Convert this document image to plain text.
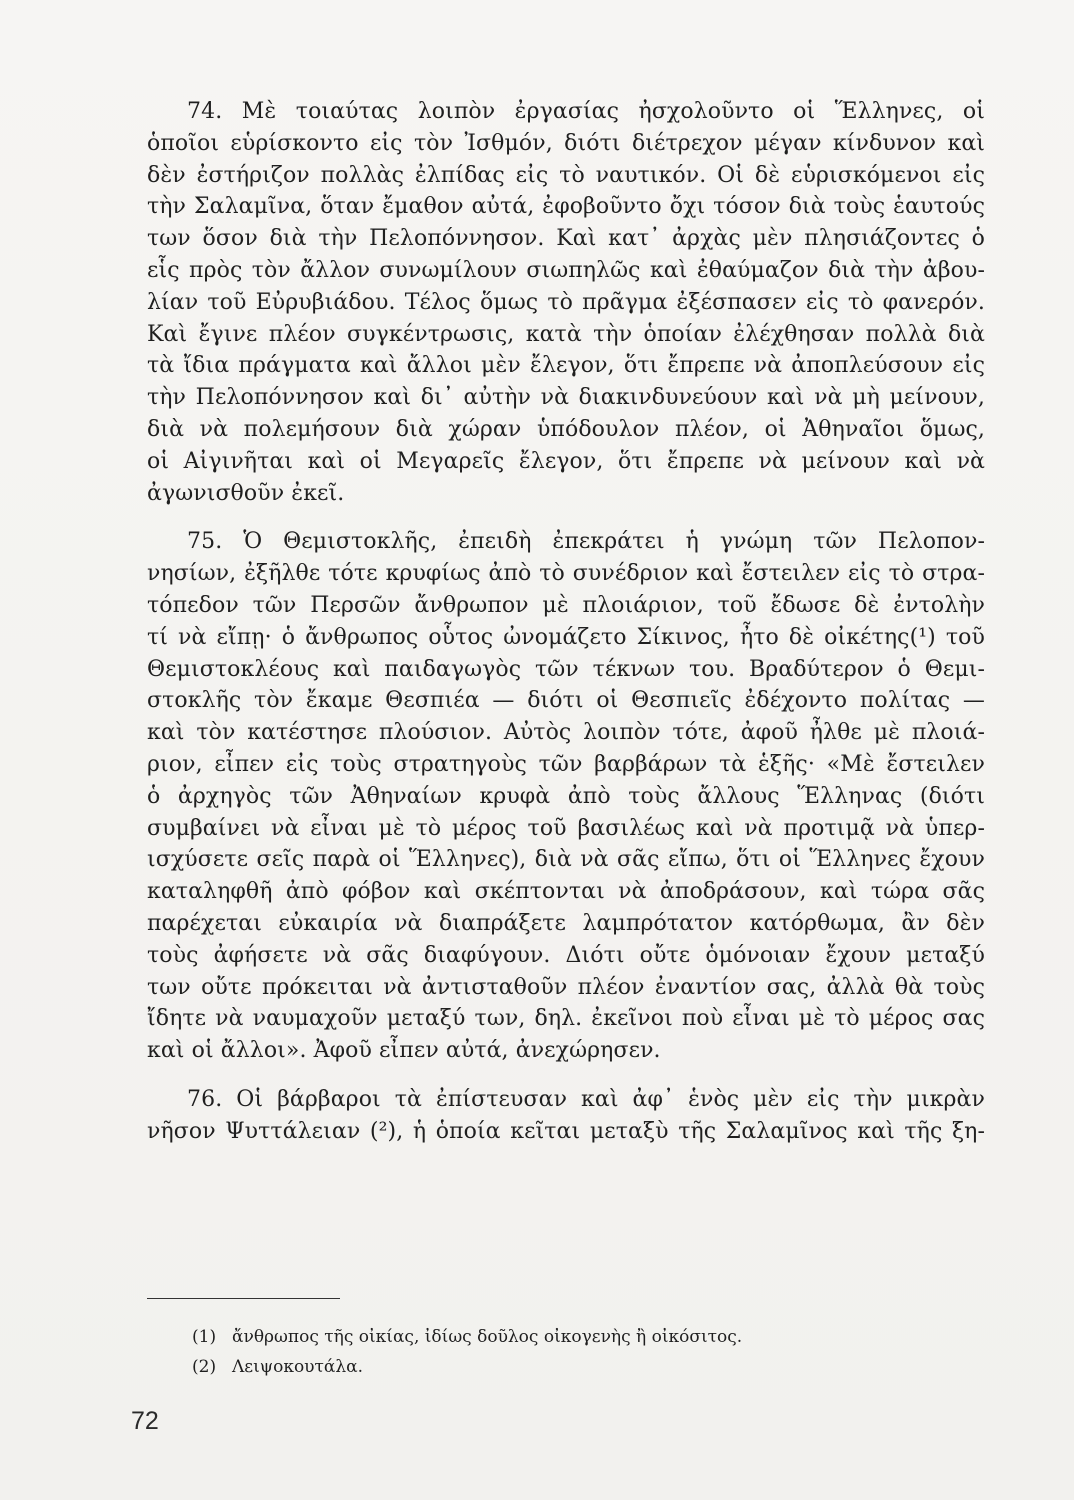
74. Μὲ τοιαύτας λοιπὸν ἐργασίας ἠσχολοῦντο οἱ Ἕλληνες, οἱ
ὁποῖοι εὑρίσκοντο εἰς τὸν Ἰσθμόν, διότι διέτρεχον μέγαν κίνδυνον καὶ
δὲν ἐστήριζον πολλὰς ἐλπίδας εἰς τὸ ναυτικόν. Οἱ δὲ εὑρισκόμενοι εἰς
τὴν Σαλαμῖνα, ὅταν ἔμαθον αὐτά, ἐφοβοῦντο ὄχι τόσον διὰ τοὺς ἑαυτούς
των ὅσον διὰ τὴν Πελοπόννησον. Καὶ κατ᾽ ἀρχὰς μὲν πλησιάζοντες ὁ
εἷς πρὸς τὸν ἄλλον συνωμίλουν σιωπηλῶς καὶ ἐθαύμαζον διὰ τὴν ἀβου-
λίαν τοῦ Εὐρυβιάδου. Τέλος ὅμως τὸ πρᾶγμα ἐξέσπασεν εἰς τὸ φανερόν.
Καὶ ἔγινε πλέον συγκέντρωσις, κατὰ τὴν ὁποίαν ἐλέχθησαν πολλὰ διὰ
τὰ ἴδια πράγματα καὶ ἄλλοι μὲν ἔλεγον, ὅτι ἔπρεπε νὰ ἀποπλεύσουν εἰς
τὴν Πελοπόννησον καὶ δι᾽ αὐτὴν νὰ διακινδυνεύουν καὶ νὰ μὴ μείνουν,
διὰ νὰ πολεμήσουν διὰ χώραν ὑπόδουλον πλέον, οἱ Ἀθηναῖοι ὅμως,
οἱ Αἰγινῆται καὶ οἱ Μεγαρεῖς ἔλεγον, ὅτι ἔπρεπε νὰ μείνουν καὶ νὰ
ἀγωνισθοῦν ἐκεῖ.
75. Ὁ Θεμιστοκλῆς, ἐπειδὴ ἐπεκράτει ἡ γνώμη τῶν Πελοπον-
νησίων, ἐξῆλθε τότε κρυφίως ἀπὸ τὸ συνέδριον καὶ ἔστειλεν εἰς τὸ στρα-
τόπεδον τῶν Περσῶν ἄνθρωπον μὲ πλοιάριον, τοῦ ἔδωσε δὲ ἐντολὴν
τί νὰ εἴπῃ· ὁ ἄνθρωπος οὗτος ὠνομάζετο Σίκινος, ἦτο δὲ οἰκέτης(¹) τοῦ
Θεμιστοκλέους καὶ παιδαγωγὸς τῶν τέκνων του. Βραδύτερον ὁ Θεμι-
στοκλῆς τὸν ἔκαμε Θεσπιέα — διότι οἱ Θεσπιεῖς ἐδέχοντο πολίτας —
καὶ τὸν κατέστησε πλούσιον. Αὐτὸς λοιπὸν τότε, ἀφοῦ ἦλθε μὲ πλοιά-
ριον, εἶπεν εἰς τοὺς στρατηγοὺς τῶν βαρβάρων τὰ ἑξῆς· «Μὲ ἔστειλεν
ὁ ἀρχηγὸς τῶν Ἀθηναίων κρυφὰ ἀπὸ τοὺς ἄλλους Ἕλληνας (διότι
συμβαίνει νὰ εἶναι μὲ τὸ μέρος τοῦ βασιλέως καὶ νὰ προτιμᾷ νὰ ὑπερ-
ισχύσετε σεῖς παρὰ οἱ Ἕλληνες), διὰ νὰ σᾶς εἴπω, ὅτι οἱ Ἕλληνες ἔχουν
καταληφθῆ ἀπὸ φόβον καὶ σκέπτονται νὰ ἀποδράσουν, καὶ τώρα σᾶς
παρέχεται εὐκαιρία νὰ διαπράξετε λαμπρότατον κατόρθωμα, ἂν δὲν
τοὺς ἀφήσετε νὰ σᾶς διαφύγουν. Διότι οὔτε ὁμόνοιαν ἔχουν μεταξύ
των οὔτε πρόκειται νὰ ἀντισταθοῦν πλέον ἐναντίον σας, ἀλλὰ θὰ τοὺς
ἴδητε νὰ ναυμαχοῦν μεταξύ των, δηλ. ἐκεῖνοι ποὺ εἶναι μὲ τὸ μέρος σας
καὶ οἱ ἄλλοι». Ἀφοῦ εἶπεν αὐτά, ἀνεχώρησεν.
76. Οἱ βάρβαροι τὰ ἐπίστευσαν καὶ ἀφ᾽ ἑνὸς μὲν εἰς τὴν μικρὰν
νῆσον Ψυττάλειαν (²), ἡ ὁποία κεῖται μεταξὺ τῆς Σαλαμῖνος καὶ τῆς ξη-
(1) ἄνθρωπος τῆς οἰκίας, ἰδίως δοῦλος οἰκογενὴς ἢ οἰκόσιτος.
(2) Λειψοκουτάλα.
72
